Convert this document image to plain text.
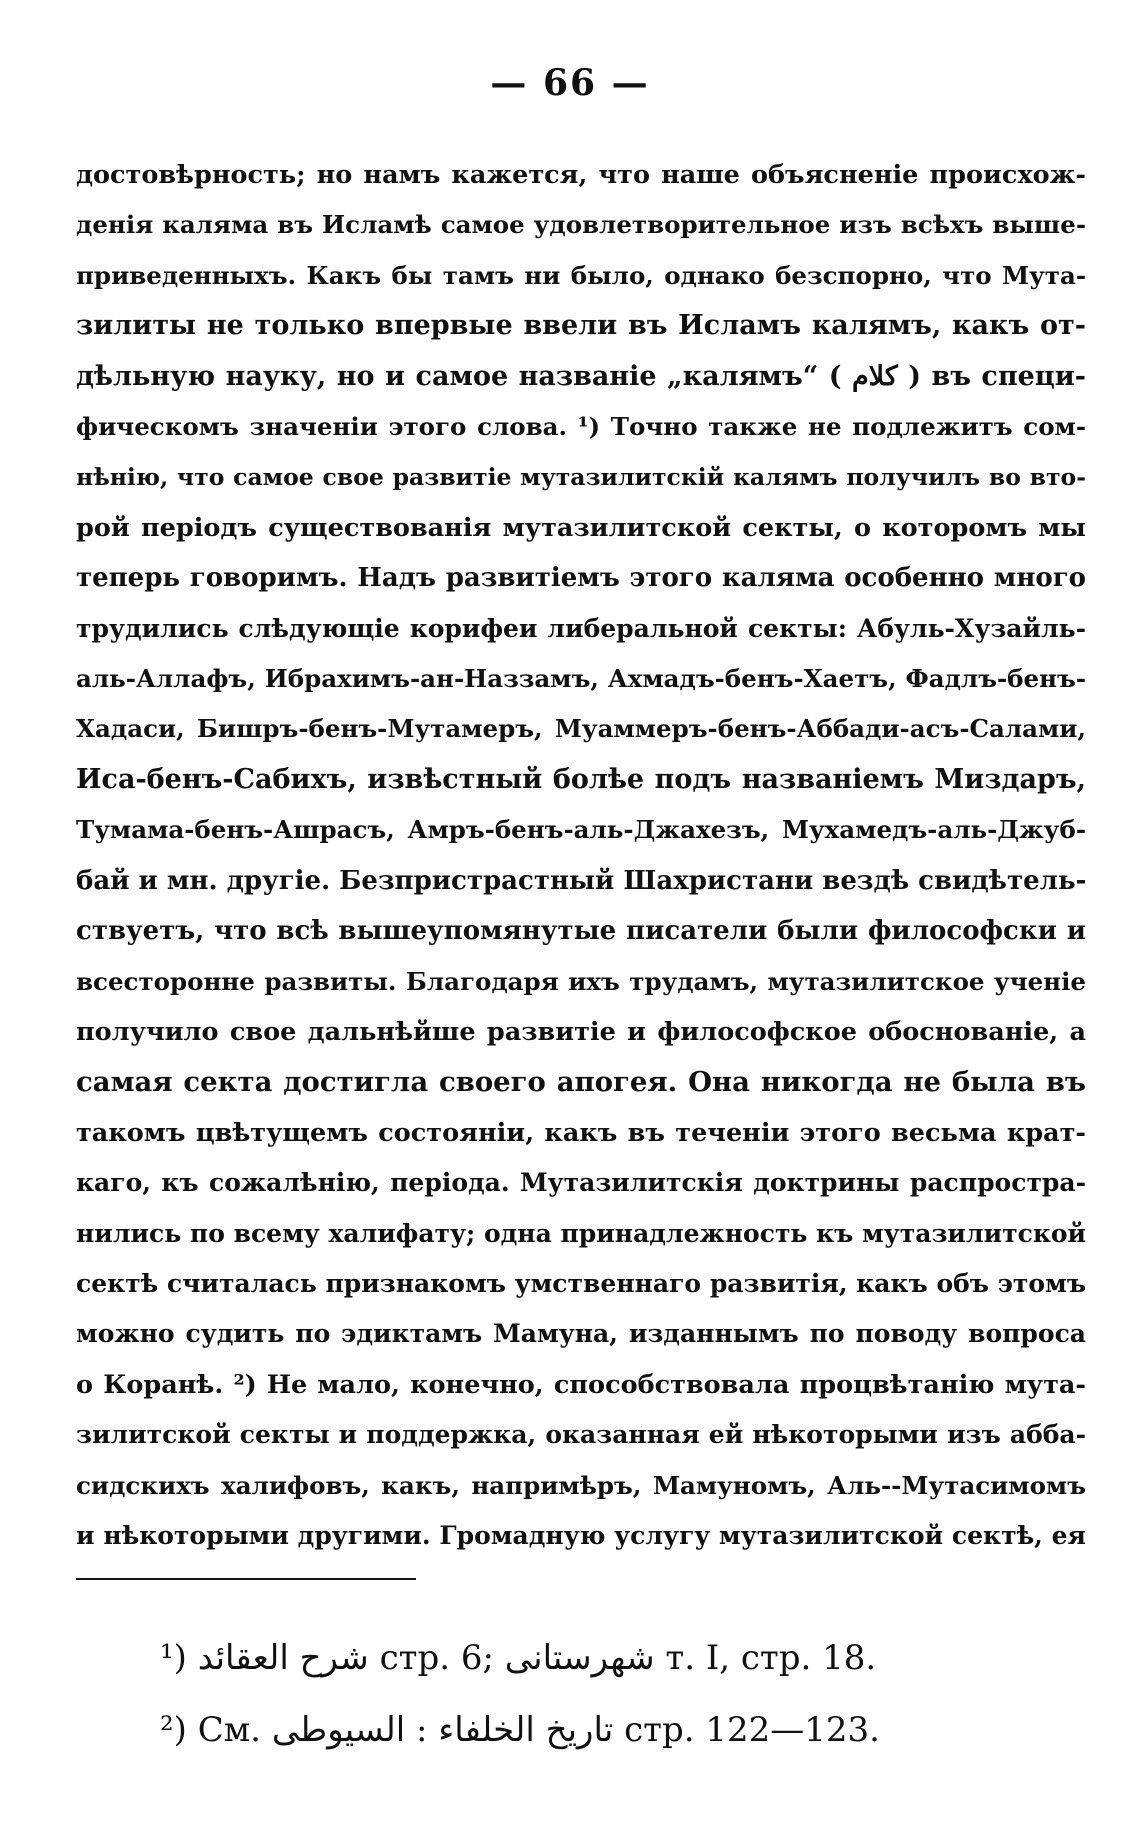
— 66 —
достовѣрность; но намъ кажется, что наше объясненіе происхож-
денія каляма въ Исламѣ самое удовлетворительное изъ всѣхъ выше-
приведенныхъ. Какъ бы тамъ ни было, однако безспорно, что Мута-
зилиты не только впервые ввели въ Исламъ калямъ, какъ от-
дѣльную науку, но и самое названіе „калямъ“ ( كلام ) въ специ-
фическомъ значеніи этого слова. ¹) Точно также не подлежитъ сом-
нѣнію, что самое свое развитіе мутазилитскій калямъ получилъ во вто-
рой періодъ существованія мутазилитской секты, о которомъ мы
теперь говоримъ. Надъ развитіемъ этого каляма особенно много
трудились слѣдующіе корифеи либеральной секты: Абуль-Хузайль-
аль-Аллафъ, Ибрахимъ-ан-Наззамъ, Ахмадъ-бенъ-Хаетъ, Фадлъ-бенъ-
Хадаси, Бишръ-бенъ-Мутамеръ, Муаммеръ-бенъ-Аббади-асъ-Салами,
Иса-бенъ-Сабихъ, извѣстный болѣе подъ названіемъ Миздаръ,
Тумама-бенъ-Ашрасъ, Амръ-бенъ-аль-Джахезъ, Мухамедъ-аль-Джуб-
бай и мн. другіе. Безпристрастный Шахристани вездѣ свидѣтель-
ствуетъ, что всѣ вышеупомянутые писатели были философски и
всесторонне развиты. Благодаря ихъ трудамъ, мутазилитское ученіе
получило свое дальнѣйше развитіе и философское обоснованіе, а
самая секта достигла своего апогея. Она никогда не была въ
такомъ цвѣтущемъ состояніи, какъ въ теченіи этого весьма крат-
каго, къ сожалѣнію, періода. Мутазилитскія доктрины распростра-
нились по всему халифату; одна принадлежность къ мутазилитской
сектѣ считалась признакомъ умственнаго развитія, какъ объ этомъ
можно судить по эдиктамъ Мамуна, изданнымъ по поводу вопроса
о Коранѣ. ²) Не мало, конечно, способствовала процвѣтанію мута-
зилитской секты и поддержка, оказанная ей нѣкоторыми изъ абба-
сидскихъ халифовъ, какъ, напримѣръ, Мамуномъ, Аль--Мутасимомъ
и нѣкоторыми другими. Громадную услугу мутазилитской сектѣ, ея
¹) شرح العقائد стр. 6; شهرستانى т. I, стр. 18.
²) См. السيوطى : تاريخ الخلفاء стр. 122—123.
